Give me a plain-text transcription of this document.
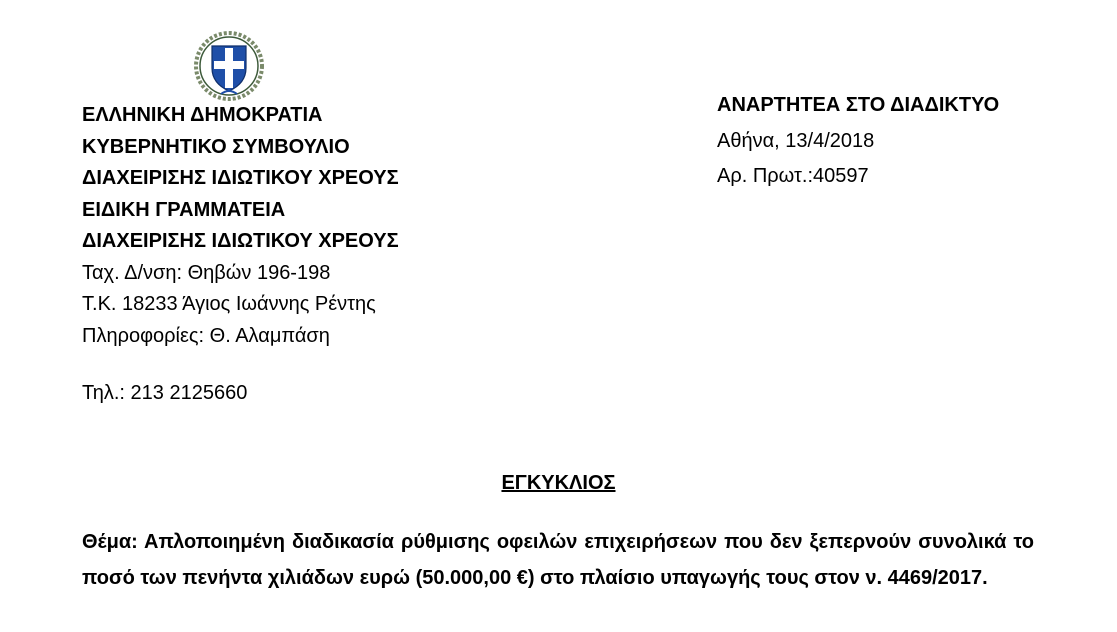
ΕΛΛΗΝΙΚΗ ΔΗΜΟΚΡΑΤΙΑ
ΚΥΒΕΡΝΗΤΙΚΟ ΣΥΜΒΟΥΛΙΟ
ΔΙΑΧΕΙΡΙΣΗΣ ΙΔΙΩΤΙΚΟΥ ΧΡΕΟΥΣ
ΕΙΔΙΚΗ ΓΡΑΜΜΑΤΕΙΑ
ΔΙΑΧΕΙΡΙΣΗΣ ΙΔΙΩΤΙΚΟΥ ΧΡΕΟΥΣ
Ταχ. Δ/νση: Θηβών 196-198
Τ.Κ. 18233 Άγιος Ιωάννης Ρέντης
Πληροφορίες: Θ. Αλαμπάση
Τηλ.: 213 2125660
ΑΝΑΡΤΗΤΕΑ ΣΤΟ ΔΙΑΔΙΚΤΥΟ
Αθήνα, 13/4/2018
Αρ. Πρωτ.:40597
ΕΓΚΥΚΛΙΟΣ
Θέμα: Απλοποιημένη διαδικασία ρύθμισης οφειλών επιχειρήσεων που δεν ξεπερνούν συνολικά το ποσό των πενήντα χιλιάδων ευρώ (50.000,00 €) στο πλαίσιο υπαγωγής τους στον ν. 4469/2017.
